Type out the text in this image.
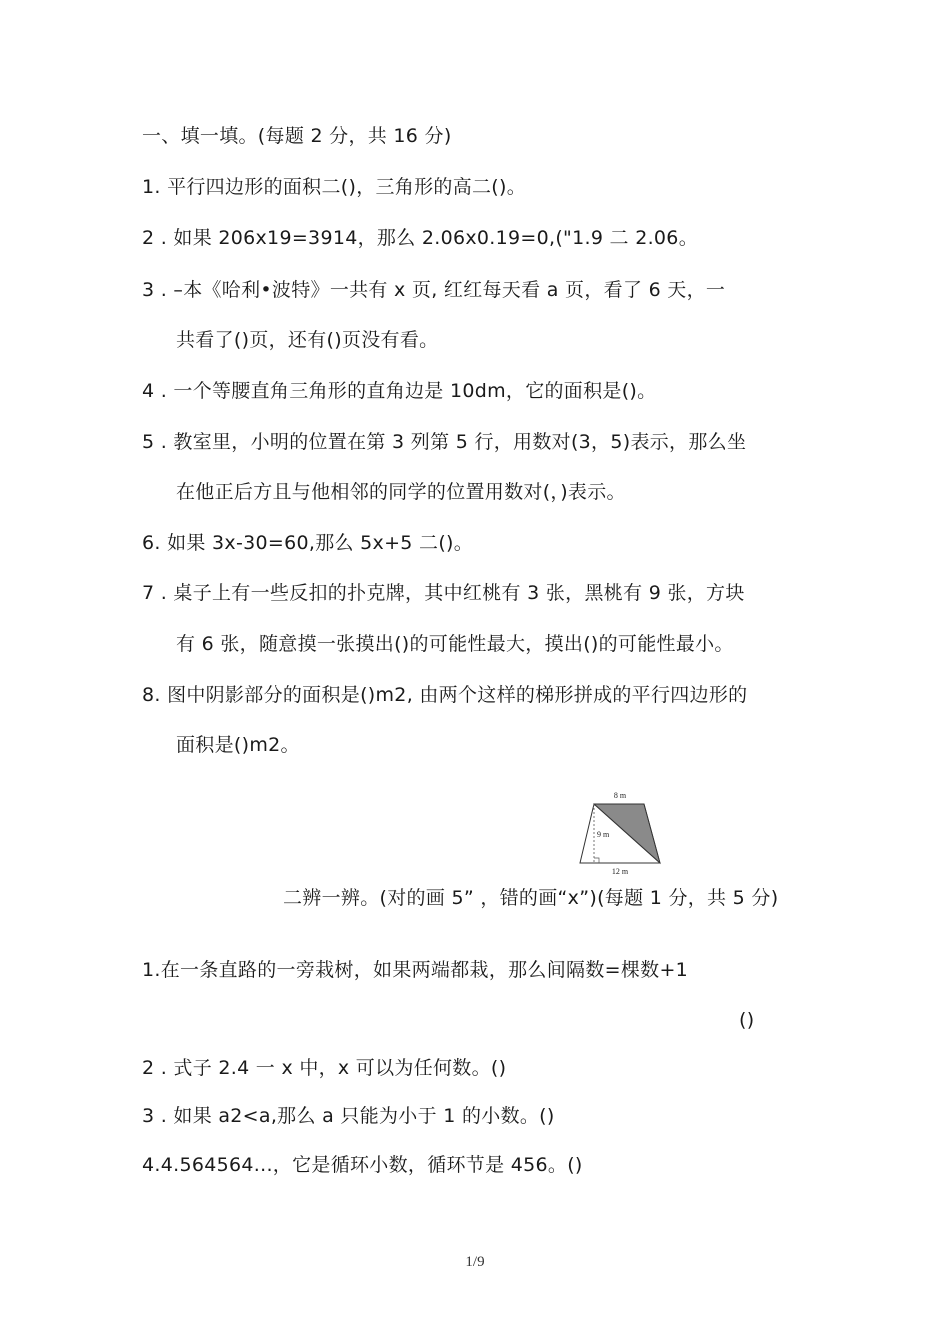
一、填一填。(每题 2 分，共 16 分)
1. 平行四边形的面积二()，三角形的高二()。
2 . 如果 206x19=3914，那么 2.06x0.19=0,("1.9 二 2.06。
3 . –本《哈利•波特》一共有 x 页, 红红每天看 a 页，看了 6 天，一
共看了()页，还有()页没有看。
4 . 一个等腰直角三角形的直角边是 10dm，它的面积是()。
5 . 教室里，小明的位置在第 3 列第 5 行，用数对(3，5)表示，那么坐
在他正后方且与他相邻的同学的位置用数对(，)表示。
6. 如果 3x-30=60,那么 5x+5 二()。
7 . 桌子上有一些反扣的扑克牌，其中红桃有 3 张，黑桃有 9 张，方块
有 6 张，随意摸一张摸出()的可能性最大，摸出()的可能性最小。
8. 图中阴影部分的面积是()m2, 由两个这样的梯形拼成的平行四边形的
面积是()m2。
8 m
9 m
12 m
二辨一辨。(对的画 5” ，错的画“x”)(每题 1 分，共 5 分)
1.在一条直路的一旁栽树，如果两端都栽，那么间隔数=棵数+1
()
2 . 式子 2.4 一 x 中，x 可以为任何数。()
3 . 如果 a2<a,那么 a 只能为小于 1 的小数。()
4.4.564564...，它是循环小数，循环节是 456。()
1/9
